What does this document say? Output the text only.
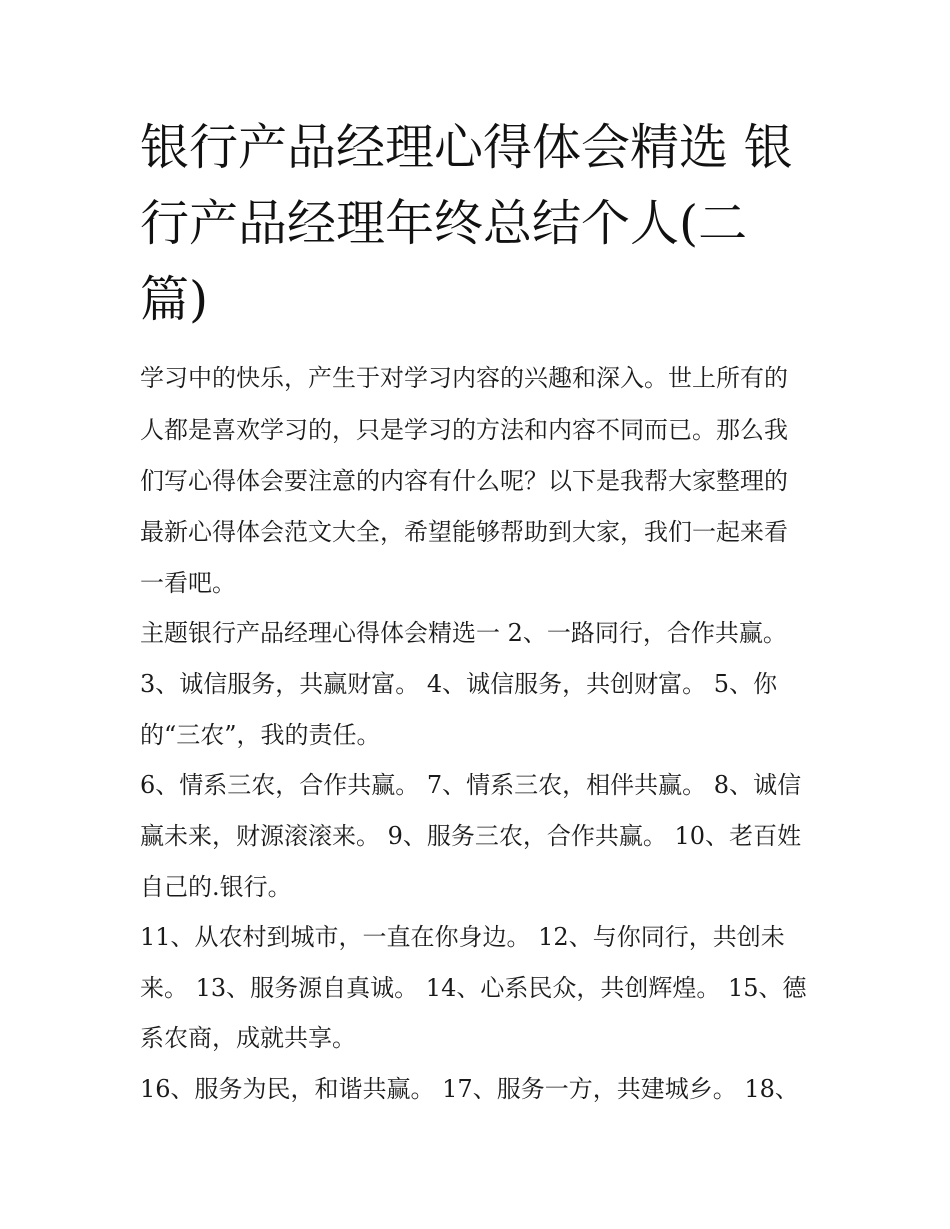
银行产品经理心得体会精选 银
行产品经理年终总结个人(二
篇)
学习中的快乐，产生于对学习内容的兴趣和深入。世上所有的
人都是喜欢学习的，只是学习的方法和内容不同而已。那么我
们写心得体会要注意的内容有什么呢？以下是我帮大家整理的
最新心得体会范文大全，希望能够帮助到大家，我们一起来看
一看吧。
主题银行产品经理心得体会精选一 2、一路同行，合作共赢。
3、诚信服务，共赢财富。 4、诚信服务，共创财富。 5、你
的“三农”，我的责任。
6、情系三农，合作共赢。 7、情系三农，相伴共赢。 8、诚信
赢未来，财源滚滚来。 9、服务三农，合作共赢。 10、老百姓
自己的.银行。
11、从农村到城市，一直在你身边。 12、与你同行，共创未
来。 13、服务源自真诚。 14、心系民众，共创辉煌。 15、德
系农商，成就共享。
16、服务为民，和谐共赢。 17、服务一方，共建城乡。 18、
